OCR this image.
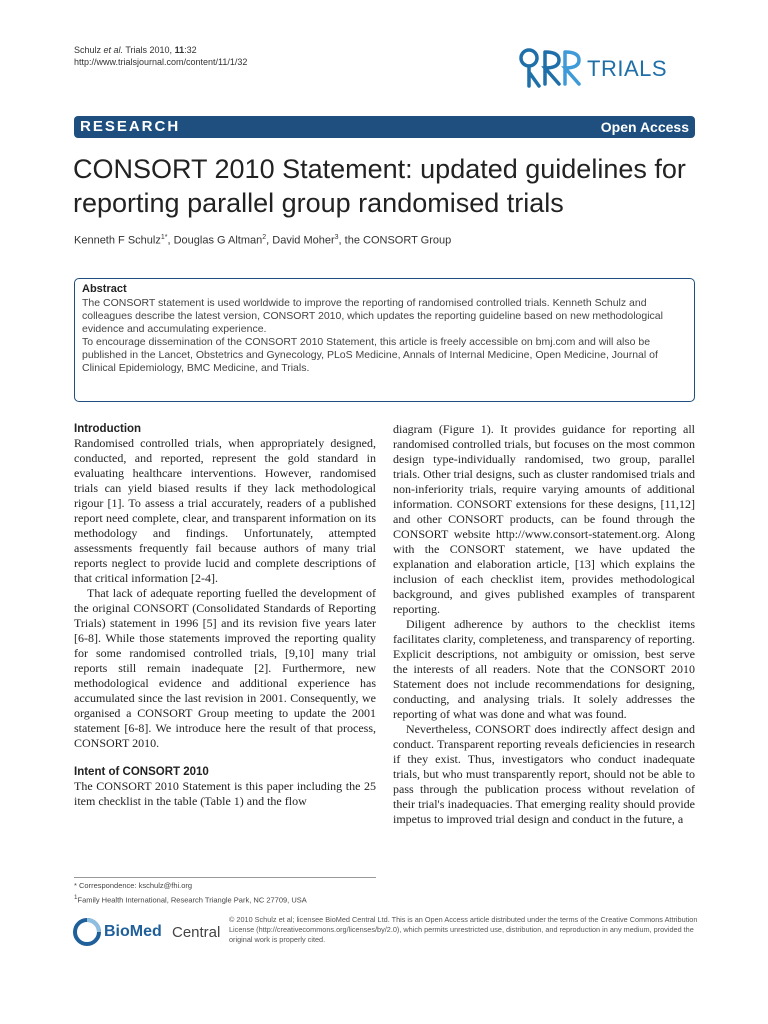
Schulz et al. Trials 2010, 11:32
http://www.trialsjournal.com/content/11/1/32	TRIALS
RESEARCH	Open Access
CONSORT 2010 Statement: updated guidelines for reporting parallel group randomised trials
Kenneth F Schulz$^{1*}$, Douglas G Altman$^2$, David Moher$^3$, the CONSORT Group
Abstract

The CONSORT statement is used worldwide to improve the reporting of randomised controlled trials. Kenneth Schulz and colleagues describe the latest version, CONSORT 2010, which updates the reporting guideline based on new methodological evidence and accumulating experience.

To encourage dissemination of the CONSORT 2010 Statement, this article is freely accessible on bmj.com and will also be published in the Lancet, Obstetrics and Gynecology, PLoS Medicine, Annals of Internal Medicine, Open Medicine, Journal of Clinical Epidemiology, BMC Medicine, and Trials.

Introduction

Randomised controlled trials, when appropriately designed, conducted, and reported, represent the gold standard in evaluating healthcare interventions. However, randomised trials can yield biased results if they lack methodological rigour [1]. To assess a trial accurately, readers of a published report need complete, clear, and transparent information on its methodology and findings. Unfortunately, attempted assessments frequently fail because authors of many trial reports neglect to provide lucid and complete descriptions of that critical information [2-4].

That lack of adequate reporting fuelled the development of the original CONSORT (Consolidated Standards of Reporting Trials) statement in 1996 [5] and its revision five years later [6-8]. While those statements improved the reporting quality for some randomised controlled trials, [9,10] many trial reports still remain inadequate [2]. Furthermore, new methodological evidence and additional experience has accumulated since the last revision in 2001. Consequently, we organised a CONSORT Group meeting to update the 2001 statement [6-8]. We introduce here the result of that process, CONSORT 2010.

Intent of CONSORT 2010

The CONSORT 2010 Statement is this paper including the 25 item checklist in the table (Table 1) and the flow

diagram (Figure 1). It provides guidance for reporting all randomised controlled trials, but focuses on the most common design type-individually randomised, two group, parallel trials. Other trial designs, such as cluster randomised trials and non-inferiority trials, require varying amounts of additional information. CONSORT extensions for these designs, [11,12] and other CONSORT products, can be found through the CONSORT website http://www.consort-statement.org. Along with the CONSORT statement, we have updated the explanation and elaboration article, [13] which explains the inclusion of each checklist item, provides methodological background, and gives published examples of transparent reporting.

Diligent adherence by authors to the checklist items facilitates clarity, completeness, and transparency of reporting. Explicit descriptions, not ambiguity or omission, best serve the interests of all readers. Note that the CONSORT 2010 Statement does not include recommendations for designing, conducting, and analysing trials. It solely addresses the reporting of what was done and what was found.

Nevertheless, CONSORT does indirectly affect design and conduct. Transparent reporting reveals deficiencies in research if they exist. Thus, investigators who conduct inadequate trials, but who must transparently report, should not be able to pass through the publication process without revelation of their trial's inadequacies. That emerging reality should provide impetus to improved trial design and conduct in the future, a

* Correspondence: kschulz@fhi.org
$^1$Family Health International, Research Triangle Park, NC 27709, USA
BioMed Central
© 2010 Schulz et al; licensee BioMed Central Ltd. This is an Open Access article distributed under the terms of the Creative Commons Attribution License (http://creativecommons.org/licenses/by/2.0), which permits unrestricted use, distribution, and reproduction in any medium, provided the original work is properly cited.
